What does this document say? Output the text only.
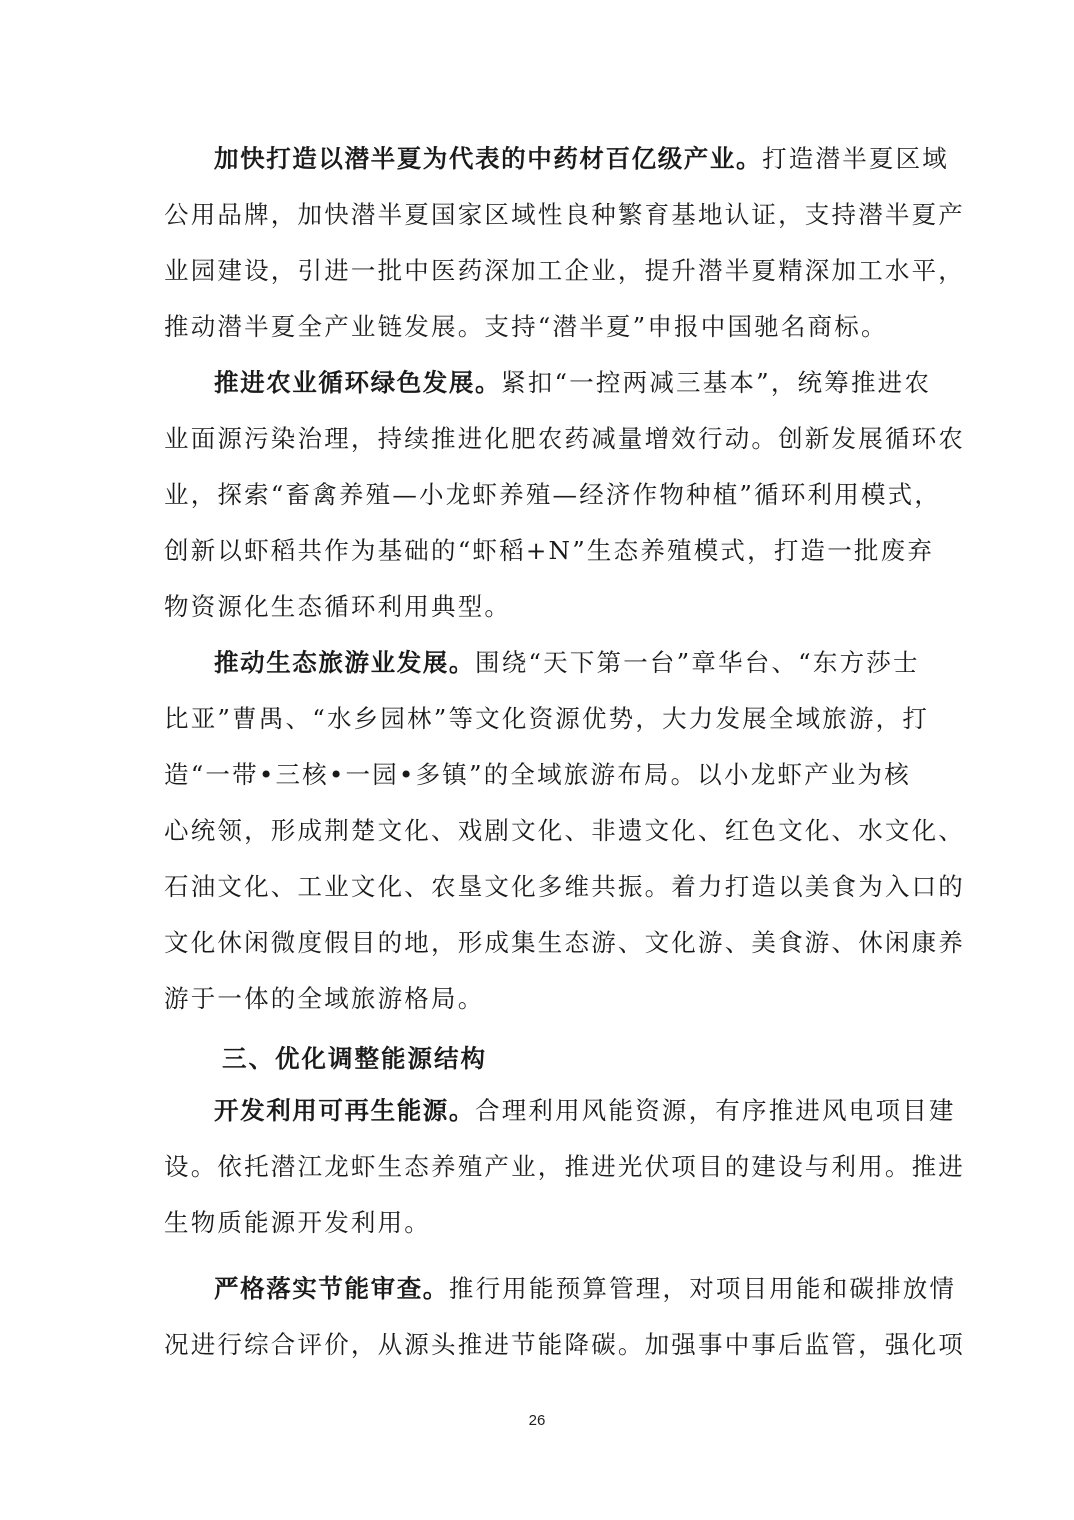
加快打造以潜半夏为代表的中药材百亿级产业。打造潜半夏区域
公用品牌，加快潜半夏国家区域性良种繁育基地认证，支持潜半夏产
业园建设，引进一批中医药深加工企业，提升潜半夏精深加工水平，
推动潜半夏全产业链发展。支持“潜半夏”申报中国驰名商标。
推进农业循环绿色发展。紧扣“一控两减三基本”，统筹推进农
业面源污染治理，持续推进化肥农药减量增效行动。创新发展循环农
业，探索“畜禽养殖—小龙虾养殖—经济作物种植”循环利用模式，
创新以虾稻共作为基础的“虾稻+N”生态养殖模式，打造一批废弃
物资源化生态循环利用典型。
推动生态旅游业发展。围绕“天下第一台”章华台、“东方莎士
比亚”曹禺、“水乡园林”等文化资源优势，大力发展全域旅游，打
造“一带•三核•一园•多镇”的全域旅游布局。以小龙虾产业为核
心统领，形成荆楚文化、戏剧文化、非遗文化、红色文化、水文化、
石油文化、工业文化、农垦文化多维共振。着力打造以美食为入口的
文化休闲微度假目的地，形成集生态游、文化游、美食游、休闲康养
游于一体的全域旅游格局。
三、优化调整能源结构
开发利用可再生能源。合理利用风能资源，有序推进风电项目建
设。依托潜江龙虾生态养殖产业，推进光伏项目的建设与利用。推进
生物质能源开发利用。
严格落实节能审查。推行用能预算管理，对项目用能和碳排放情
况进行综合评价，从源头推进节能降碳。加强事中事后监管，强化项
26
